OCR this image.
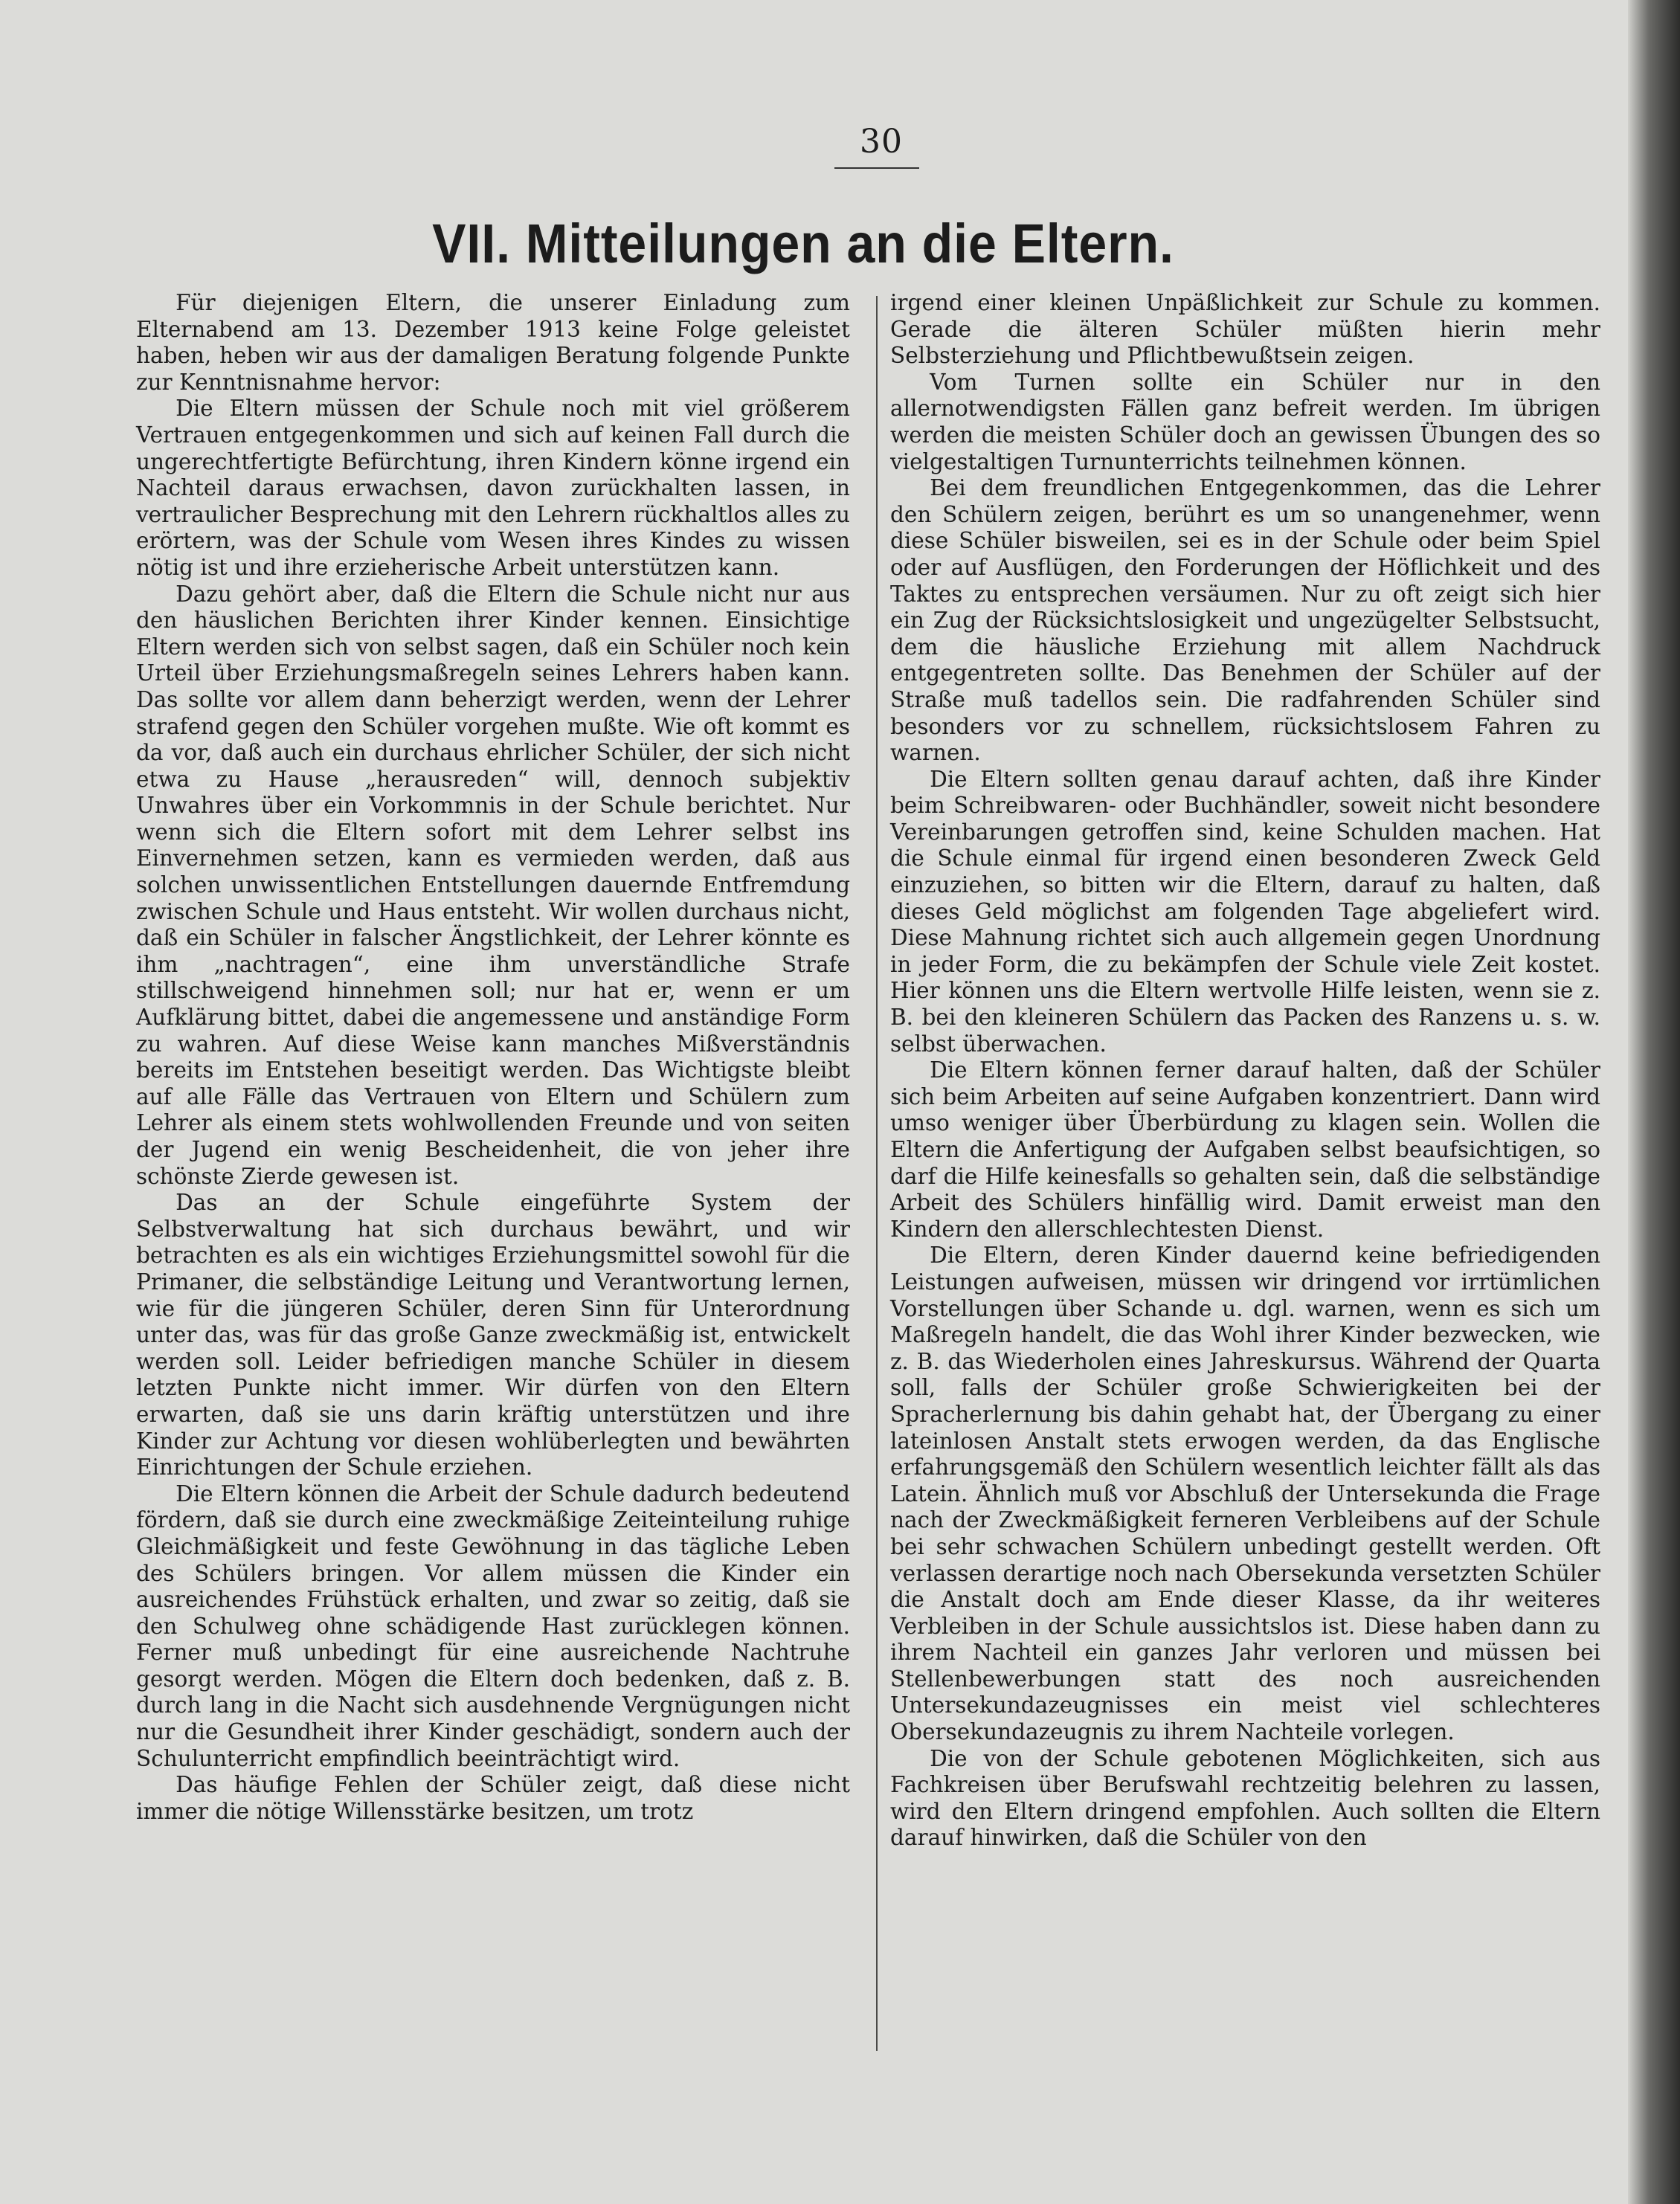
30
VII. Mitteilungen an die Eltern.

Für diejenigen Eltern, die unserer Einladung zum Elternabend am 13. Dezember 1913 keine Folge geleistet haben, heben wir aus der damaligen Beratung folgende Punkte zur Kenntnisnahme hervor:

Die Eltern müssen der Schule noch mit viel größerem Vertrauen entgegenkommen und sich auf keinen Fall durch die ungerechtfertigte Befürchtung, ihren Kindern könne irgend ein Nachteil daraus erwachsen, davon zurückhalten lassen, in vertraulicher Besprechung mit den Lehrern rückhaltlos alles zu erörtern, was der Schule vom Wesen ihres Kindes zu wissen nötig ist und ihre erzieherische Arbeit unterstützen kann.

Dazu gehört aber, daß die Eltern die Schule nicht nur aus den häuslichen Berichten ihrer Kinder kennen. Einsichtige Eltern werden sich von selbst sagen, daß ein Schüler noch kein Urteil über Erziehungsmaßregeln seines Lehrers haben kann. Das sollte vor allem dann beherzigt werden, wenn der Lehrer strafend gegen den Schüler vorgehen mußte. Wie oft kommt es da vor, daß auch ein durchaus ehrlicher Schüler, der sich nicht etwa zu Hause „herausreden“ will, dennoch subjektiv Unwahres über ein Vorkommnis in der Schule berichtet. Nur wenn sich die Eltern sofort mit dem Lehrer selbst ins Einvernehmen setzen, kann es vermieden werden, daß aus solchen unwissentlichen Entstellungen dauernde Entfremdung zwischen Schule und Haus entsteht. Wir wollen durchaus nicht, daß ein Schüler in falscher Ängstlichkeit, der Lehrer könnte es ihm „nachtragen“, eine ihm unverständliche Strafe stillschweigend hinnehmen soll; nur hat er, wenn er um Aufklärung bittet, dabei die angemessene und anständige Form zu wahren. Auf diese Weise kann manches Mißverständnis bereits im Entstehen beseitigt werden. Das Wichtigste bleibt auf alle Fälle das Vertrauen von Eltern und Schülern zum Lehrer als einem stets wohlwollenden Freunde und von seiten der Jugend ein wenig Bescheidenheit, die von jeher ihre schönste Zierde gewesen ist.

Das an der Schule eingeführte System der Selbstverwaltung hat sich durchaus bewährt, und wir betrachten es als ein wichtiges Erziehungsmittel sowohl für die Primaner, die selbständige Leitung und Verantwortung lernen, wie für die jüngeren Schüler, deren Sinn für Unterordnung unter das, was für das große Ganze zweckmäßig ist, entwickelt werden soll. Leider befriedigen manche Schüler in diesem letzten Punkte nicht immer. Wir dürfen von den Eltern erwarten, daß sie uns darin kräftig unterstützen und ihre Kinder zur Achtung vor diesen wohlüberlegten und bewährten Einrichtungen der Schule erziehen.

Die Eltern können die Arbeit der Schule dadurch bedeutend fördern, daß sie durch eine zweckmäßige Zeiteinteilung ruhige Gleichmäßigkeit und feste Gewöhnung in das tägliche Leben des Schülers bringen. Vor allem müssen die Kinder ein ausreichendes Frühstück erhalten, und zwar so zeitig, daß sie den Schulweg ohne schädigende Hast zurücklegen können. Ferner muß unbedingt für eine ausreichende Nachtruhe gesorgt werden. Mögen die Eltern doch bedenken, daß z. B. durch lang in die Nacht sich ausdehnende Vergnügungen nicht nur die Gesundheit ihrer Kinder geschädigt, sondern auch der Schulunterricht empfindlich beeinträchtigt wird.

Das häufige Fehlen der Schüler zeigt, daß diese nicht immer die nötige Willensstärke besitzen, um trotz

irgend einer kleinen Unpäßlichkeit zur Schule zu kommen. Gerade die älteren Schüler müßten hierin mehr Selbsterziehung und Pflichtbewußtsein zeigen.

Vom Turnen sollte ein Schüler nur in den allernotwendigsten Fällen ganz befreit werden. Im übrigen werden die meisten Schüler doch an gewissen Übungen des so vielgestaltigen Turnunterrichts teilnehmen können.

Bei dem freundlichen Entgegenkommen, das die Lehrer den Schülern zeigen, berührt es um so unangenehmer, wenn diese Schüler bisweilen, sei es in der Schule oder beim Spiel oder auf Ausflügen, den Forderungen der Höflichkeit und des Taktes zu entsprechen versäumen. Nur zu oft zeigt sich hier ein Zug der Rücksichtslosigkeit und ungezügelter Selbstsucht, dem die häusliche Erziehung mit allem Nachdruck entgegentreten sollte. Das Benehmen der Schüler auf der Straße muß tadellos sein. Die radfahrenden Schüler sind besonders vor zu schnellem, rücksichtslosem Fahren zu warnen.

Die Eltern sollten genau darauf achten, daß ihre Kinder beim Schreibwaren- oder Buchhändler, soweit nicht besondere Vereinbarungen getroffen sind, keine Schulden machen. Hat die Schule einmal für irgend einen besonderen Zweck Geld einzuziehen, so bitten wir die Eltern, darauf zu halten, daß dieses Geld möglichst am folgenden Tage abgeliefert wird. Diese Mahnung richtet sich auch allgemein gegen Unordnung in jeder Form, die zu bekämpfen der Schule viele Zeit kostet. Hier können uns die Eltern wertvolle Hilfe leisten, wenn sie z. B. bei den kleineren Schülern das Packen des Ranzens u. s. w. selbst überwachen.

Die Eltern können ferner darauf halten, daß der Schüler sich beim Arbeiten auf seine Aufgaben konzentriert. Dann wird umso weniger über Überbürdung zu klagen sein. Wollen die Eltern die Anfertigung der Aufgaben selbst beaufsichtigen, so darf die Hilfe keinesfalls so gehalten sein, daß die selbständige Arbeit des Schülers hinfällig wird. Damit erweist man den Kindern den allerschlechtesten Dienst.

Die Eltern, deren Kinder dauernd keine befriedigenden Leistungen aufweisen, müssen wir dringend vor irrtümlichen Vorstellungen über Schande u. dgl. warnen, wenn es sich um Maßregeln handelt, die das Wohl ihrer Kinder bezwecken, wie z. B. das Wiederholen eines Jahreskursus. Während der Quarta soll, falls der Schüler große Schwierigkeiten bei der Spracherlernung bis dahin gehabt hat, der Übergang zu einer lateinlosen Anstalt stets erwogen werden, da das Englische erfahrungsgemäß den Schülern wesentlich leichter fällt als das Latein. Ähnlich muß vor Abschluß der Untersekunda die Frage nach der Zweckmäßigkeit ferneren Verbleibens auf der Schule bei sehr schwachen Schülern unbedingt gestellt werden. Oft verlassen derartige noch nach Obersekunda versetzten Schüler die Anstalt doch am Ende dieser Klasse, da ihr weiteres Verbleiben in der Schule aussichtslos ist. Diese haben dann zu ihrem Nachteil ein ganzes Jahr verloren und müssen bei Stellenbewerbungen statt des noch ausreichenden Untersekundazeugnisses ein meist viel schlechteres Obersekundazeugnis zu ihrem Nachteile vorlegen.

Die von der Schule gebotenen Möglichkeiten, sich aus Fachkreisen über Berufswahl rechtzeitig belehren zu lassen, wird den Eltern dringend empfohlen. Auch sollten die Eltern darauf hinwirken, daß die Schüler von den
